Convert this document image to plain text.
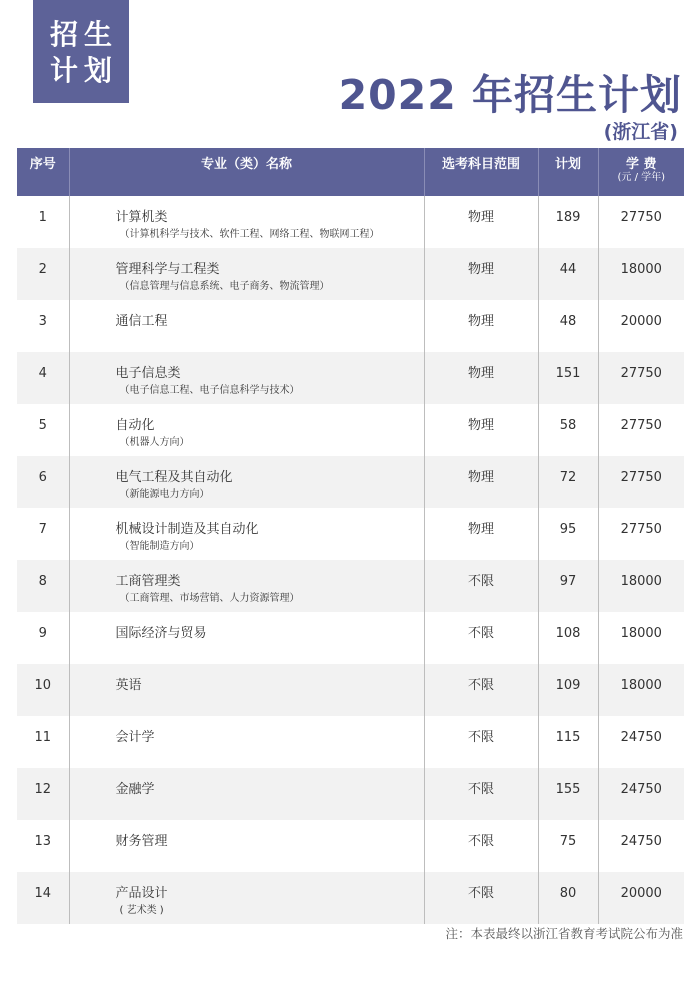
招生
计划
2022 年招生计划
(浙江省)
序号	专业（类）名称	选考科目范围	计划	学 费
(元 / 学年)

1	计算机类
（计算机科学与技术、软件工程、网络工程、物联网工程）	物理	189	27750

2	管理科学与工程类
（信息管理与信息系统、电子商务、物流管理）	物理	44	18000

3	通信工程	物理	48	20000

4	电子信息类
（电子信息工程、电子信息科学与技术）	物理	151	27750

5	自动化
（机器人方向）	物理	58	27750

6	电气工程及其自动化
（新能源电力方向）	物理	72	27750

7	机械设计制造及其自动化
（智能制造方向）	物理	95	27750

8	工商管理类
（工商管理、市场营销、人力资源管理）	不限	97	18000

9	国际经济与贸易	不限	108	18000

10	英语	不限	109	18000

11	会计学	不限	115	24750

12	金融学	不限	155	24750

13	财务管理	不限	75	24750

14	产品设计
( 艺术类 )	不限	80	20000
注：本表最终以浙江省教育考试院公布为准
